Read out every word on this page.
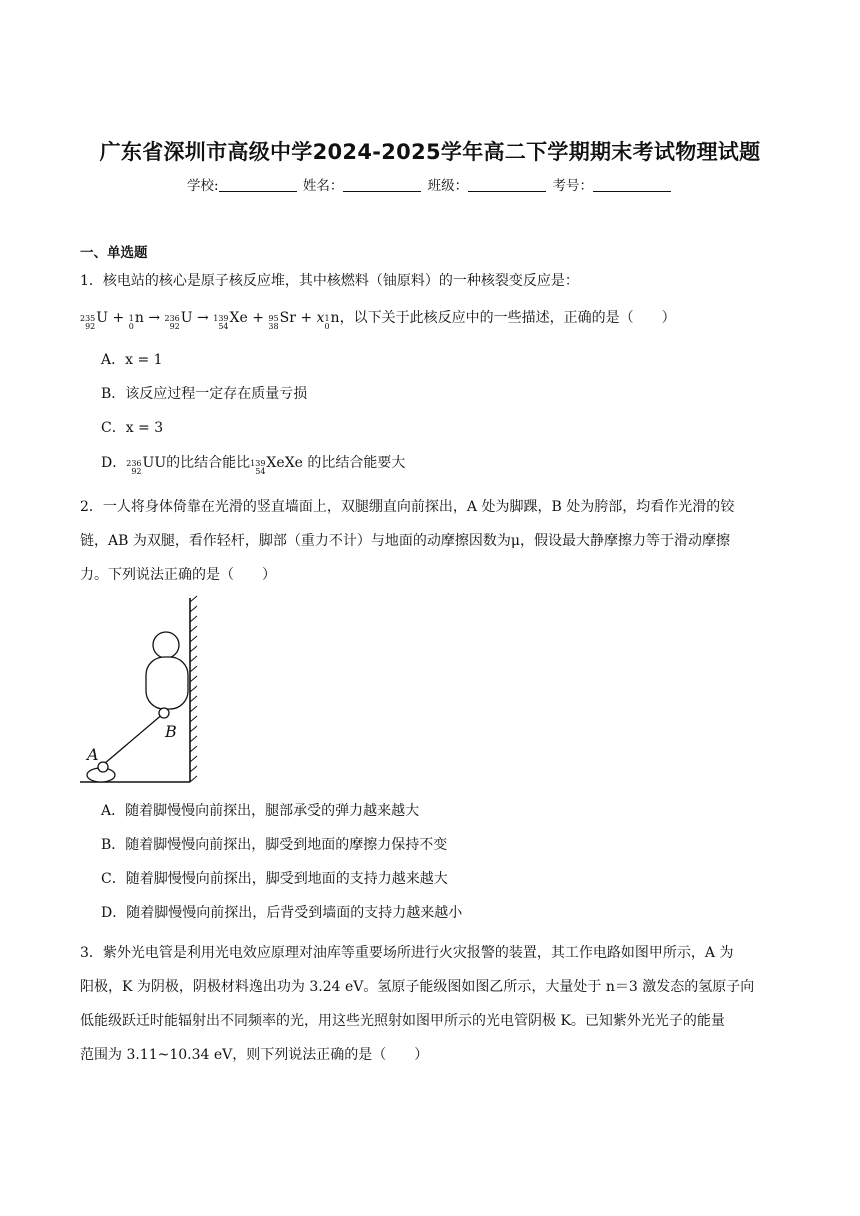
广东省深圳市高级中学2024-2025学年高二下学期期末考试物理试题
学校:	姓名：	班级：	考号：
一、单选题
1．核电站的核心是原子核反应堆，其中核燃料（铀原料）的一种核裂变反应是：
235
92
U + 1
0
n → 236
92
U → 139
54
Xe + 95
38
Sr + x 1
0
n，以下关于此核反应中的一些描述，正确的是（　　）
A．x = 1
B．该反应过程一定存在质量亏损
C．x = 3
D． 236
92
UU的比结合能比 139
54
XeXe 的比结合能要大
2．一人将身体倚靠在光滑的竖直墙面上，双腿绷直向前探出，A 处为脚踝，B 处为胯部，均看作光滑的铰
链，AB 为双腿，看作轻杆，脚部（重力不计）与地面的动摩擦因数为μ，假设最大静摩擦力等于滑动摩擦
力。下列说法正确的是（　　）
A
B
A．随着脚慢慢向前探出，腿部承受的弹力越来越大
B．随着脚慢慢向前探出，脚受到地面的摩擦力保持不变
C．随着脚慢慢向前探出，脚受到地面的支持力越来越大
D．随着脚慢慢向前探出，后背受到墙面的支持力越来越小
3．紫外光电管是利用光电效应原理对油库等重要场所进行火灾报警的装置，其工作电路如图甲所示，A 为
阳极，K 为阴极，阴极材料逸出功为 3.24 eV。氢原子能级图如图乙所示，大量处于 n＝3 激发态的氢原子向
低能级跃迁时能辐射出不同频率的光，用这些光照射如图甲所示的光电管阴极 K。已知紫外光光子的能量
范围为 3.11~10.34 eV，则下列说法正确的是（　　）
